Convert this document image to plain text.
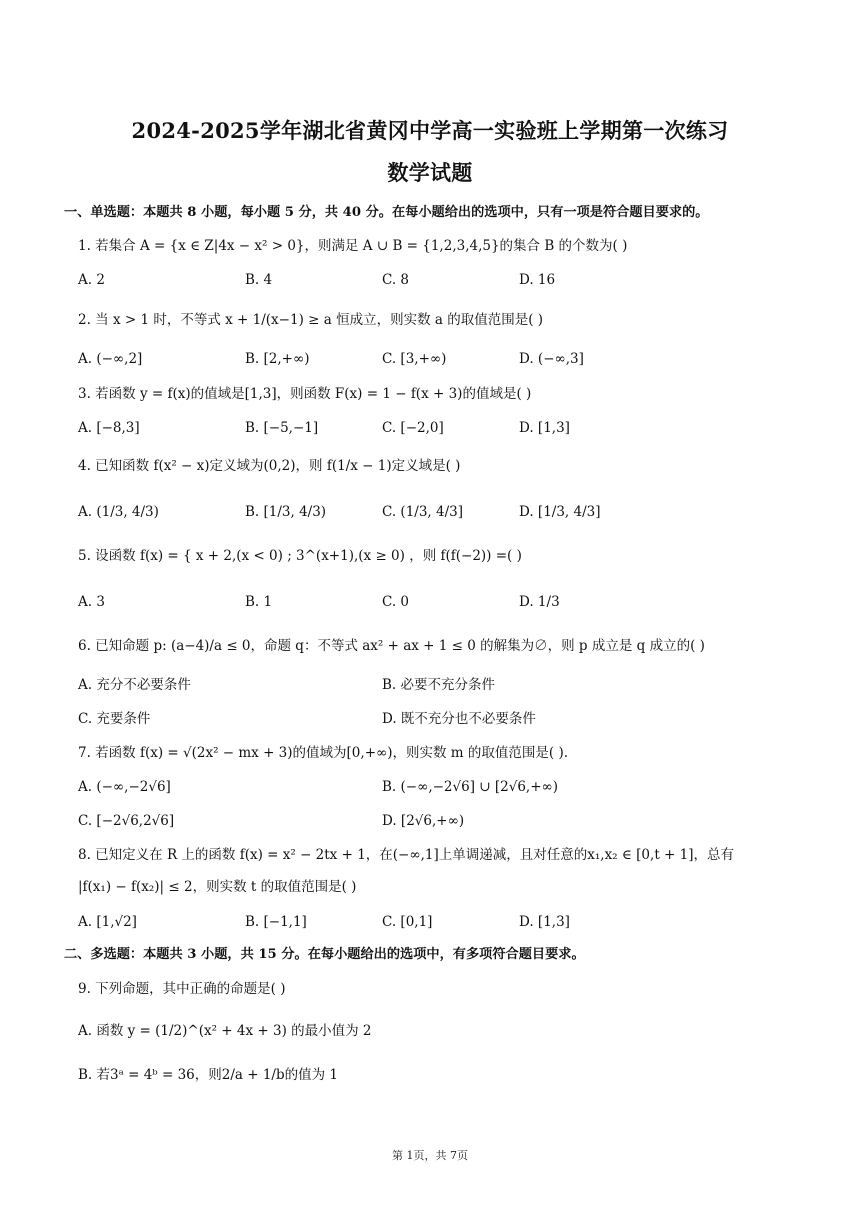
2024-2025学年湖北省黄冈中学高一实验班上学期第一次练习
数学试题
一、单选题：本题共 8 小题，每小题 5 分，共 40 分。在每小题给出的选项中，只有一项是符合题目要求的。
1. 若集合 A = {x ∈ Z|4x − x² > 0}，则满足 A ∪ B = {1,2,3,4,5}的集合 B 的个数为( )
A. 2	B. 4	C. 8	D. 16
2. 当 x > 1 时，不等式 x + 1/(x−1) ≥ a 恒成立，则实数 a 的取值范围是( )
A. (−∞,2]	B. [2,+∞)	C. [3,+∞)	D. (−∞,3]
3. 若函数 y = f(x)的值域是[1,3]，则函数 F(x) = 1 − f(x + 3)的值域是( )
A. [−8,3]	B. [−5,−1]	C. [−2,0]	D. [1,3]
4. 已知函数 f(x² − x)定义域为(0,2)，则 f(1/x − 1)定义域是( )
A. (1/3, 4/3)	B. [1/3, 4/3)	C. (1/3, 4/3]	D. [1/3, 4/3]
5. 设函数 f(x) = { x + 2,(x < 0) ; 3^(x+1),(x ≥ 0) ，则 f(f(−2)) =( )
A. 3	B. 1	C. 0	D. 1/3
6. 已知命题 p: (a−4)/a ≤ 0，命题 q：不等式 ax² + ax + 1 ≤ 0 的解集为∅，则 p 成立是 q 成立的( )
A. 充分不必要条件	B. 必要不充分条件
C. 充要条件	D. 既不充分也不必要条件
7. 若函数 f(x) = √(2x² − mx + 3)的值域为[0,+∞)，则实数 m 的取值范围是( ).
A. (−∞,−2√6]	B. (−∞,−2√6] ∪ [2√6,+∞)
C. [−2√6,2√6]	D. [2√6,+∞)
8. 已知定义在 R 上的函数 f(x) = x² − 2tx + 1，在(−∞,1]上单调递减，且对任意的x₁,x₂ ∈ [0,t + 1]，总有
|f(x₁) − f(x₂)| ≤ 2，则实数 t 的取值范围是( )
A. [1,√2]	B. [−1,1]	C. [0,1]	D. [1,3]
二、多选题：本题共 3 小题，共 15 分。在每小题给出的选项中，有多项符合题目要求。
9. 下列命题，其中正确的命题是( )
A. 函数 y = (1/2)^(x² + 4x + 3) 的最小值为 2
B. 若3ᵃ = 4ᵇ = 36，则2/a + 1/b的值为 1
第 1页，共 7页
